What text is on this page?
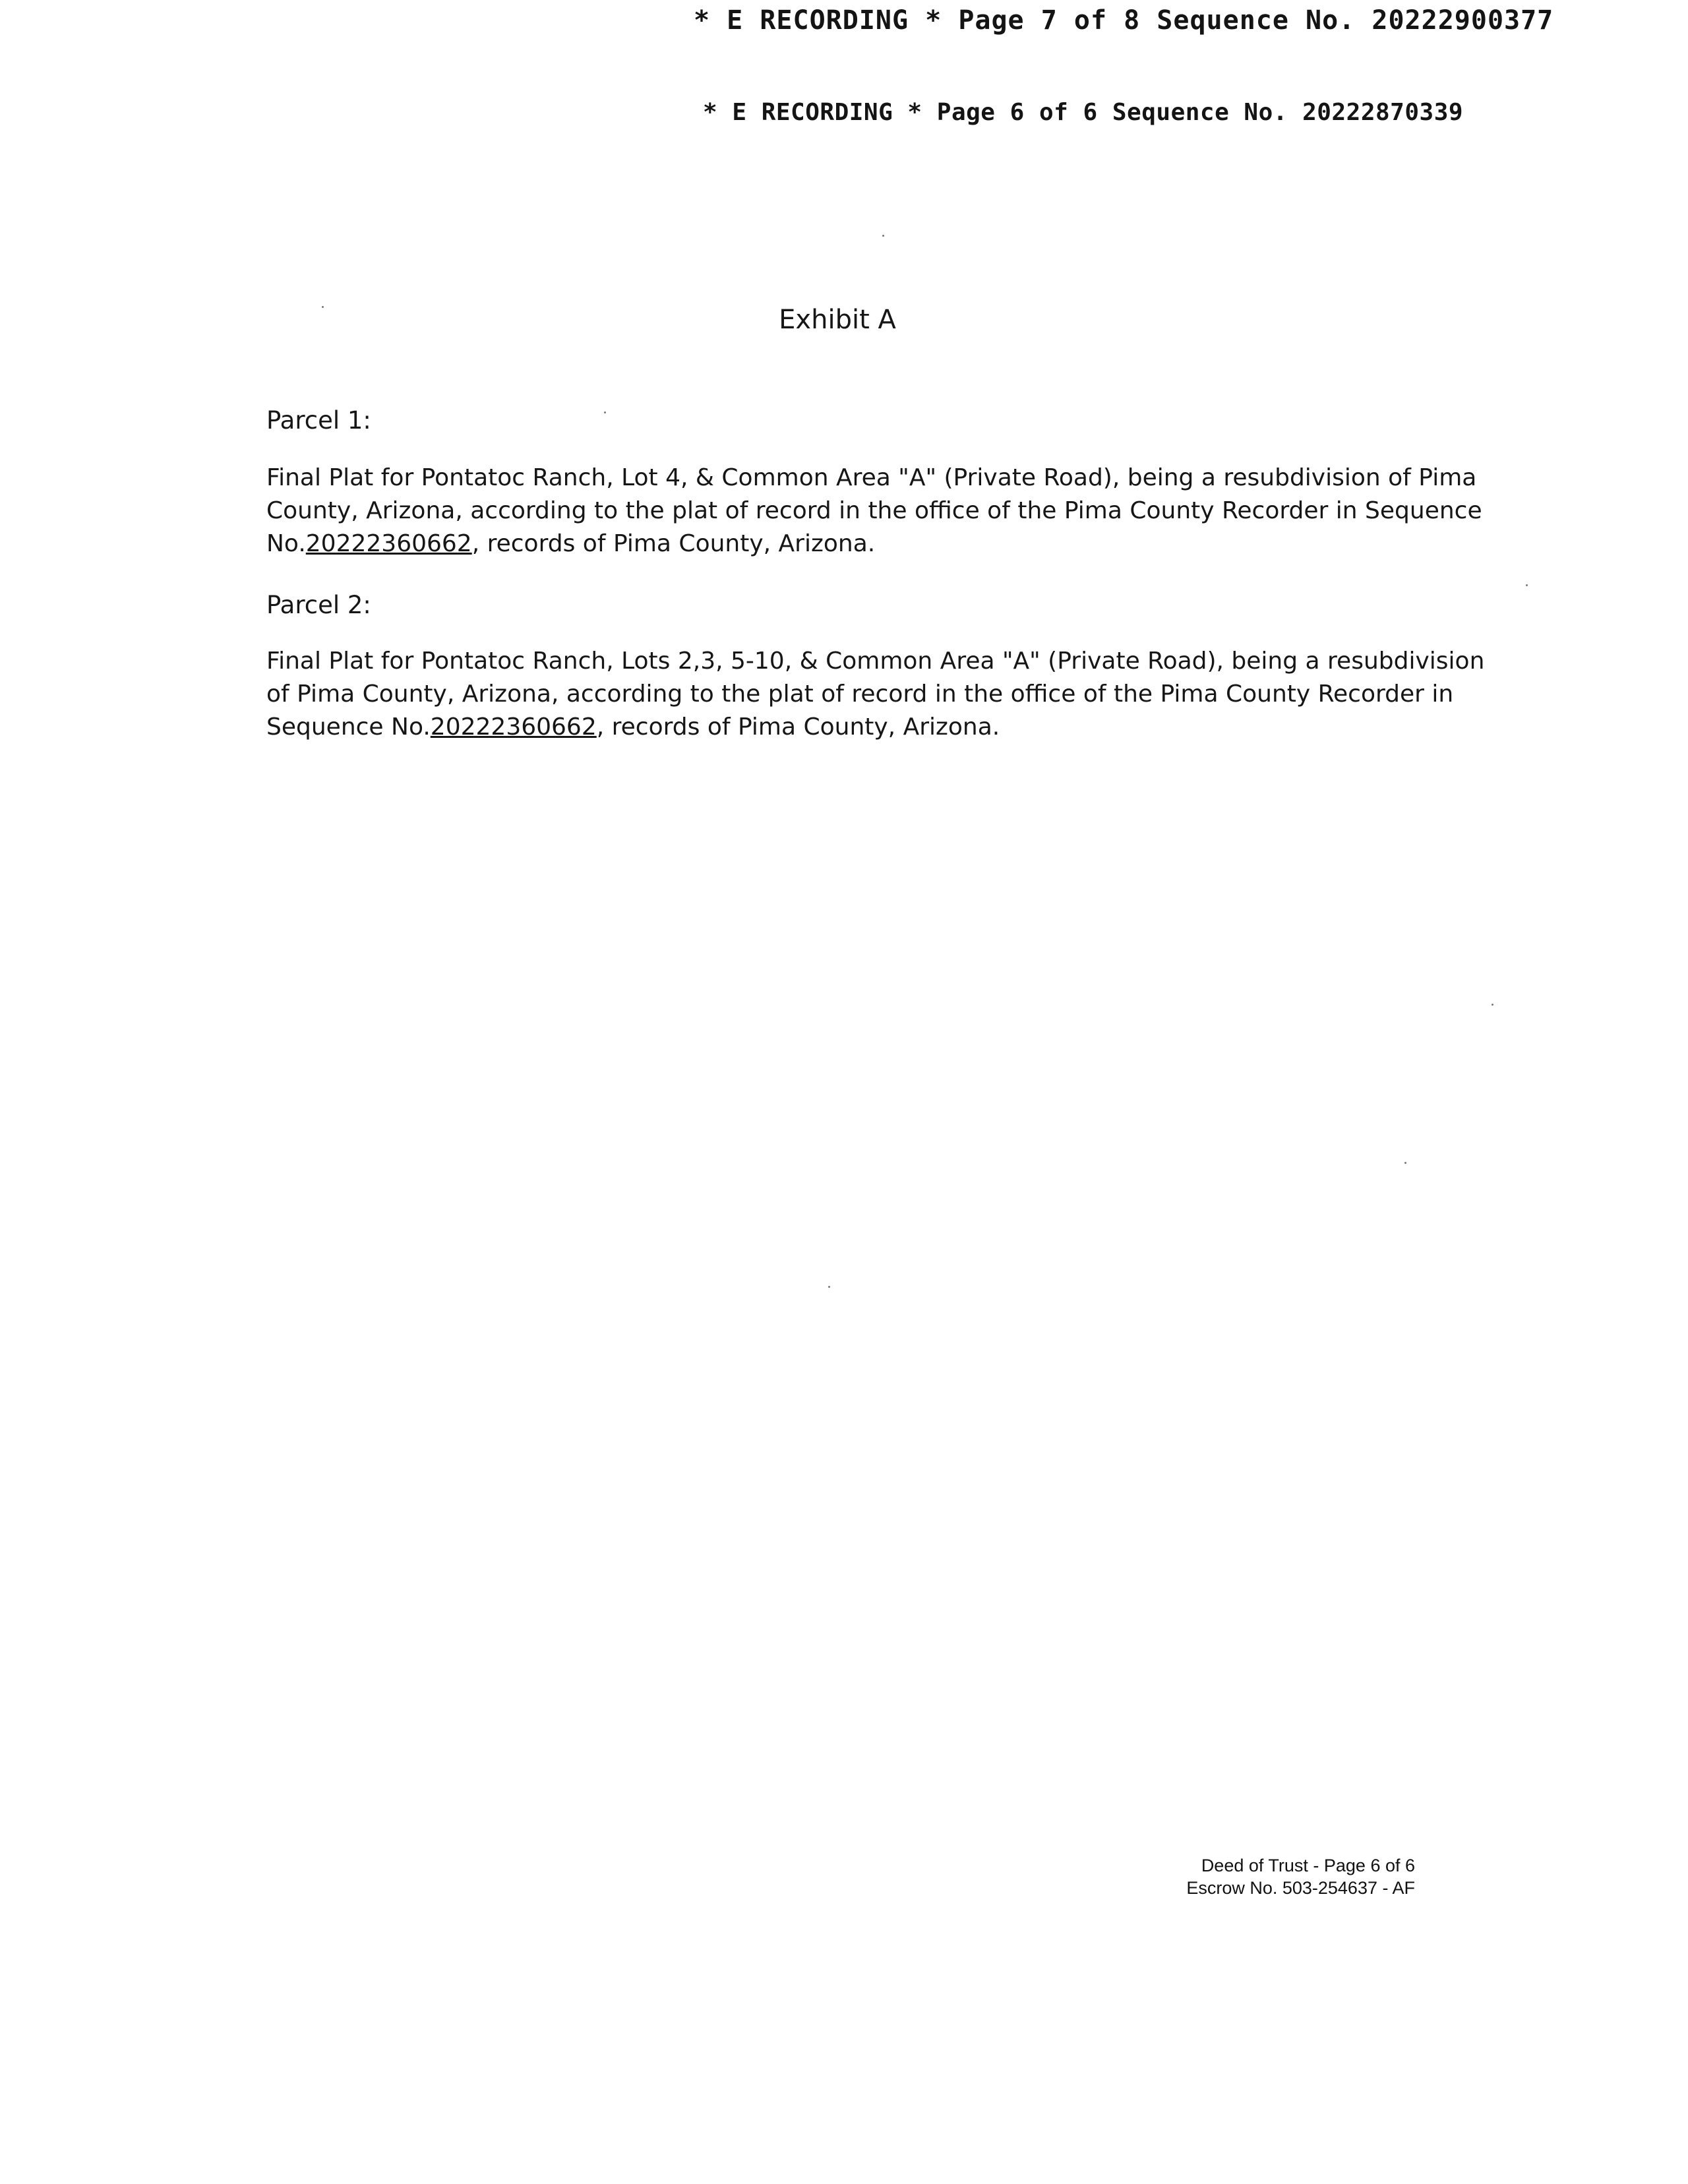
* E RECORDING * Page 7 of 8 Sequence No. 20222900377
* E RECORDING * Page 6 of 6 Sequence No. 20222870339
Exhibit A
Parcel 1:

Final Plat for Pontatoc Ranch, Lot 4, & Common Area "A" (Private Road), being a resubdivision of Pima
County, Arizona, according to the plat of record in the office of the Pima County Recorder in Sequence
No.20222360662, records of Pima County, Arizona.

Parcel 2:

Final Plat for Pontatoc Ranch, Lots 2,3, 5-10, & Common Area "A" (Private Road), being a resubdivision
of Pima County, Arizona, according to the plat of record in the office of the Pima County Recorder in
Sequence No.20222360662, records of Pima County, Arizona.

Deed of Trust - Page 6 of 6
Escrow No. 503-254637 - AF
